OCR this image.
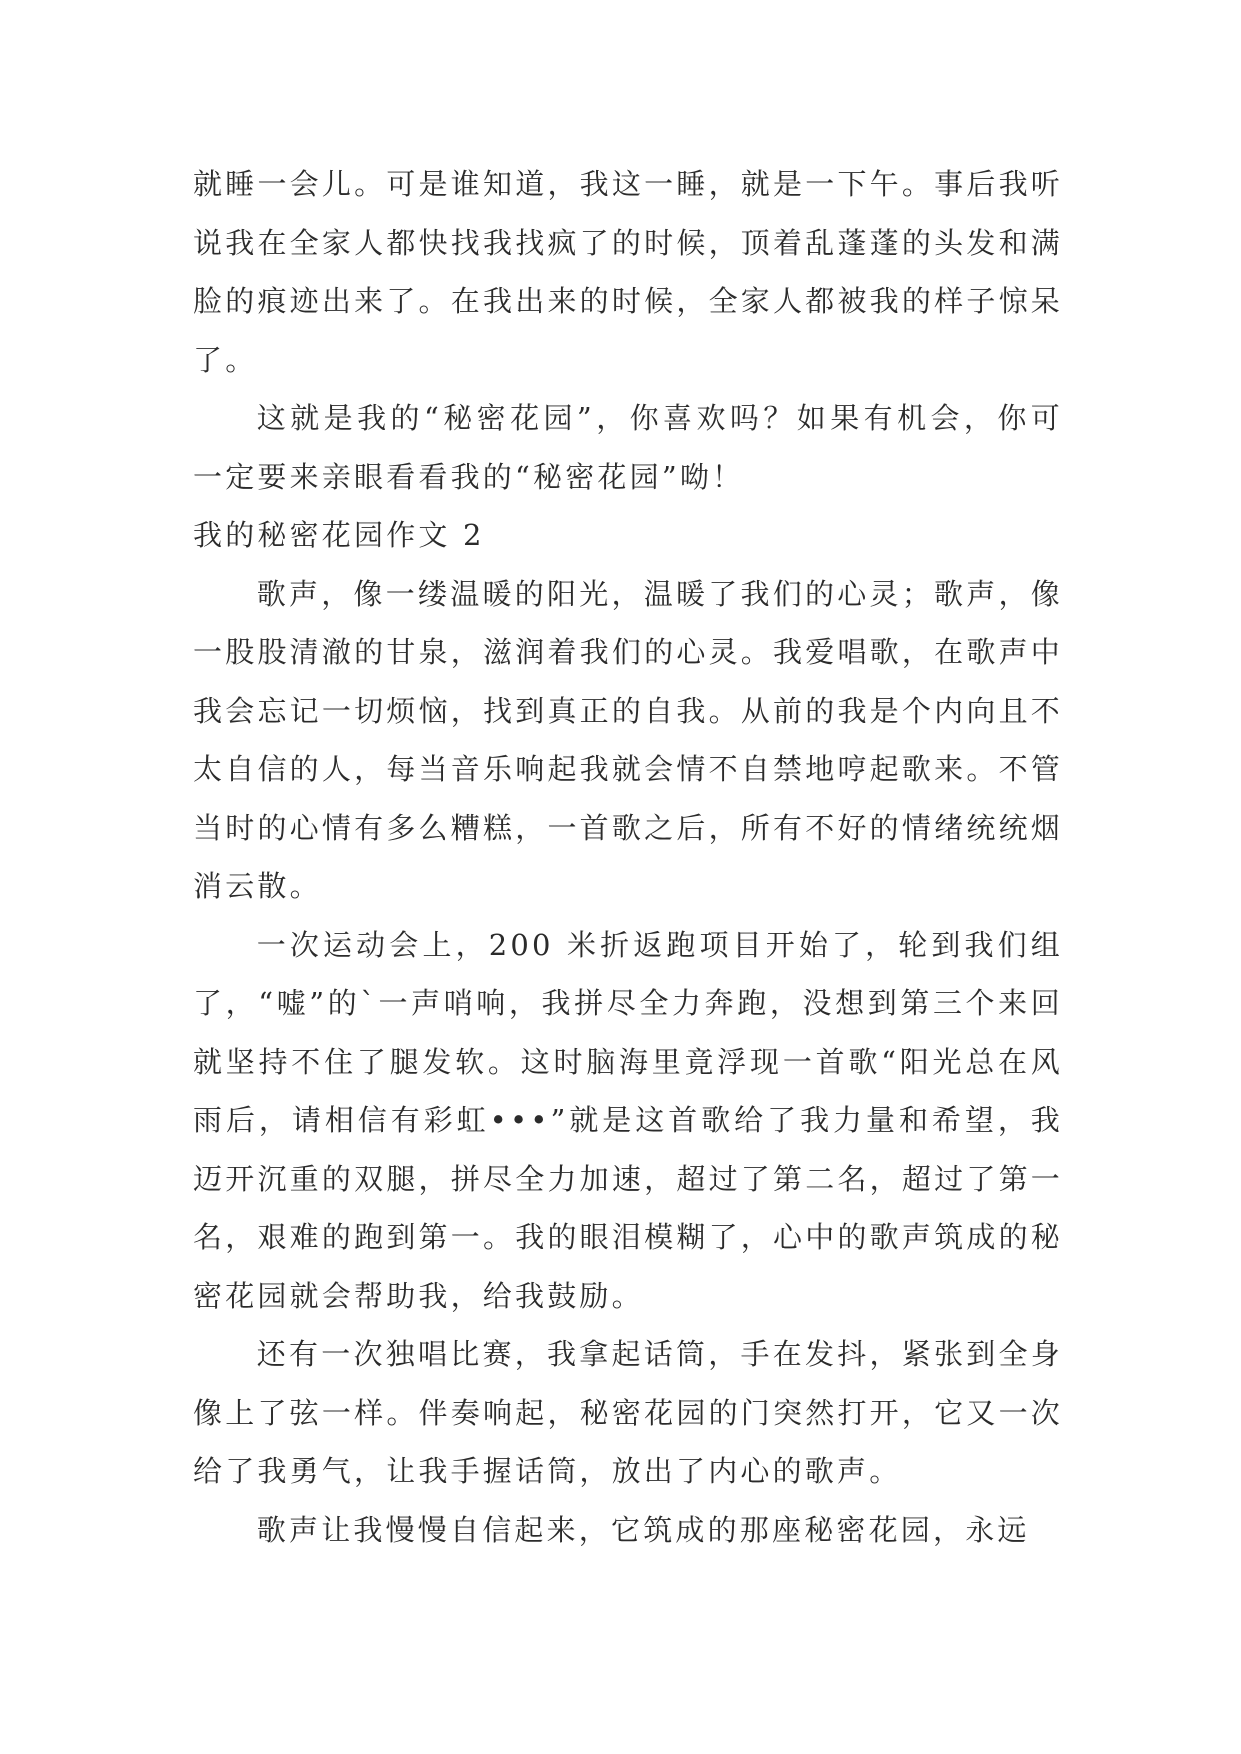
就睡一会儿。可是谁知道，我这一睡，就是一下午。事后我听说我在全家人都快找我找疯了的时候，顶着乱蓬蓬的头发和满脸的痕迹出来了。在我出来的时候，全家人都被我的样子惊呆了。

这就是我的“秘密花园”，你喜欢吗？如果有机会，你可一定要来亲眼看看我的“秘密花园”呦！

我的秘密花园作文 2

歌声，像一缕温暖的阳光，温暖了我们的心灵；歌声，像一股股清澈的甘泉，滋润着我们的心灵。我爱唱歌，在歌声中我会忘记一切烦恼，找到真正的自我。从前的我是个内向且不太自信的人，每当音乐响起我就会情不自禁地哼起歌来。不管当时的心情有多么糟糕，一首歌之后，所有不好的情绪统统烟消云散。

一次运动会上，200 米折返跑项目开始了，轮到我们组了，“嘘”的`一声哨响，我拼尽全力奔跑，没想到第三个来回就坚持不住了腿发软。这时脑海里竟浮现一首歌“阳光总在风雨后，请相信有彩虹•••”就是这首歌给了我力量和希望，我迈开沉重的双腿，拼尽全力加速，超过了第二名，超过了第一名，艰难的跑到第一。我的眼泪模糊了，心中的歌声筑成的秘密花园就会帮助我，给我鼓励。

还有一次独唱比赛，我拿起话筒，手在发抖，紧张到全身像上了弦一样。伴奏响起，秘密花园的门突然打开，它又一次给了我勇气，让我手握话筒，放出了内心的歌声。

歌声让我慢慢自信起来，它筑成的那座秘密花园，永远
